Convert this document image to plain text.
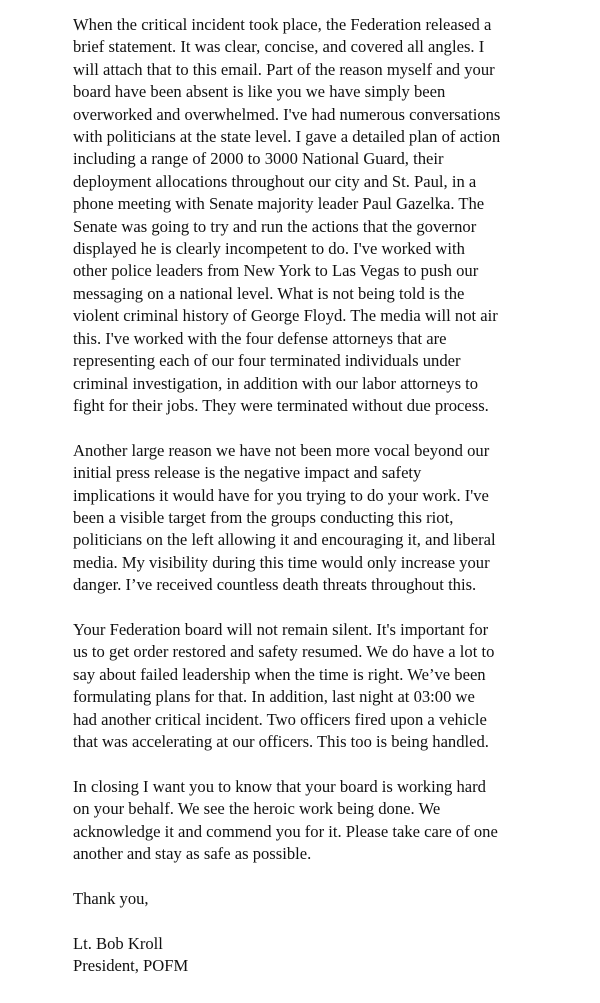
When the critical incident took place, the Federation released a
brief statement. It was clear, concise, and covered all angles. I
will attach that to this email. Part of the reason myself and your
board have been absent is like you we have simply been
overworked and overwhelmed. I've had numerous conversations
with politicians at the state level. I gave a detailed plan of action
including a range of 2000 to 3000 National Guard, their
deployment allocations throughout our city and St. Paul, in a
phone meeting with Senate majority leader Paul Gazelka. The
Senate was going to try and run the actions that the governor
displayed he is clearly incompetent to do. I've worked with
other police leaders from New York to Las Vegas to push our
messaging on a national level. What is not being told is the
violent criminal history of George Floyd. The media will not air
this. I've worked with the four defense attorneys that are
representing each of our four terminated individuals under
criminal investigation, in addition with our labor attorneys to
fight for their jobs. They were terminated without due process.

Another large reason we have not been more vocal beyond our
initial press release is the negative impact and safety
implications it would have for you trying to do your work. I've
been a visible target from the groups conducting this riot,
politicians on the left allowing it and encouraging it, and liberal
media. My visibility during this time would only increase your
danger. I’ve received countless death threats throughout this.

Your Federation board will not remain silent. It's important for
us to get order restored and safety resumed. We do have a lot to
say about failed leadership when the time is right. We’ve been
formulating plans for that. In addition, last night at 03:00 we
had another critical incident. Two officers fired upon a vehicle
that was accelerating at our officers. This too is being handled.

In closing I want you to know that your board is working hard
on your behalf. We see the heroic work being done. We
acknowledge it and commend you for it. Please take care of one
another and stay as safe as possible.

Thank you,

Lt. Bob Kroll
President, POFM
